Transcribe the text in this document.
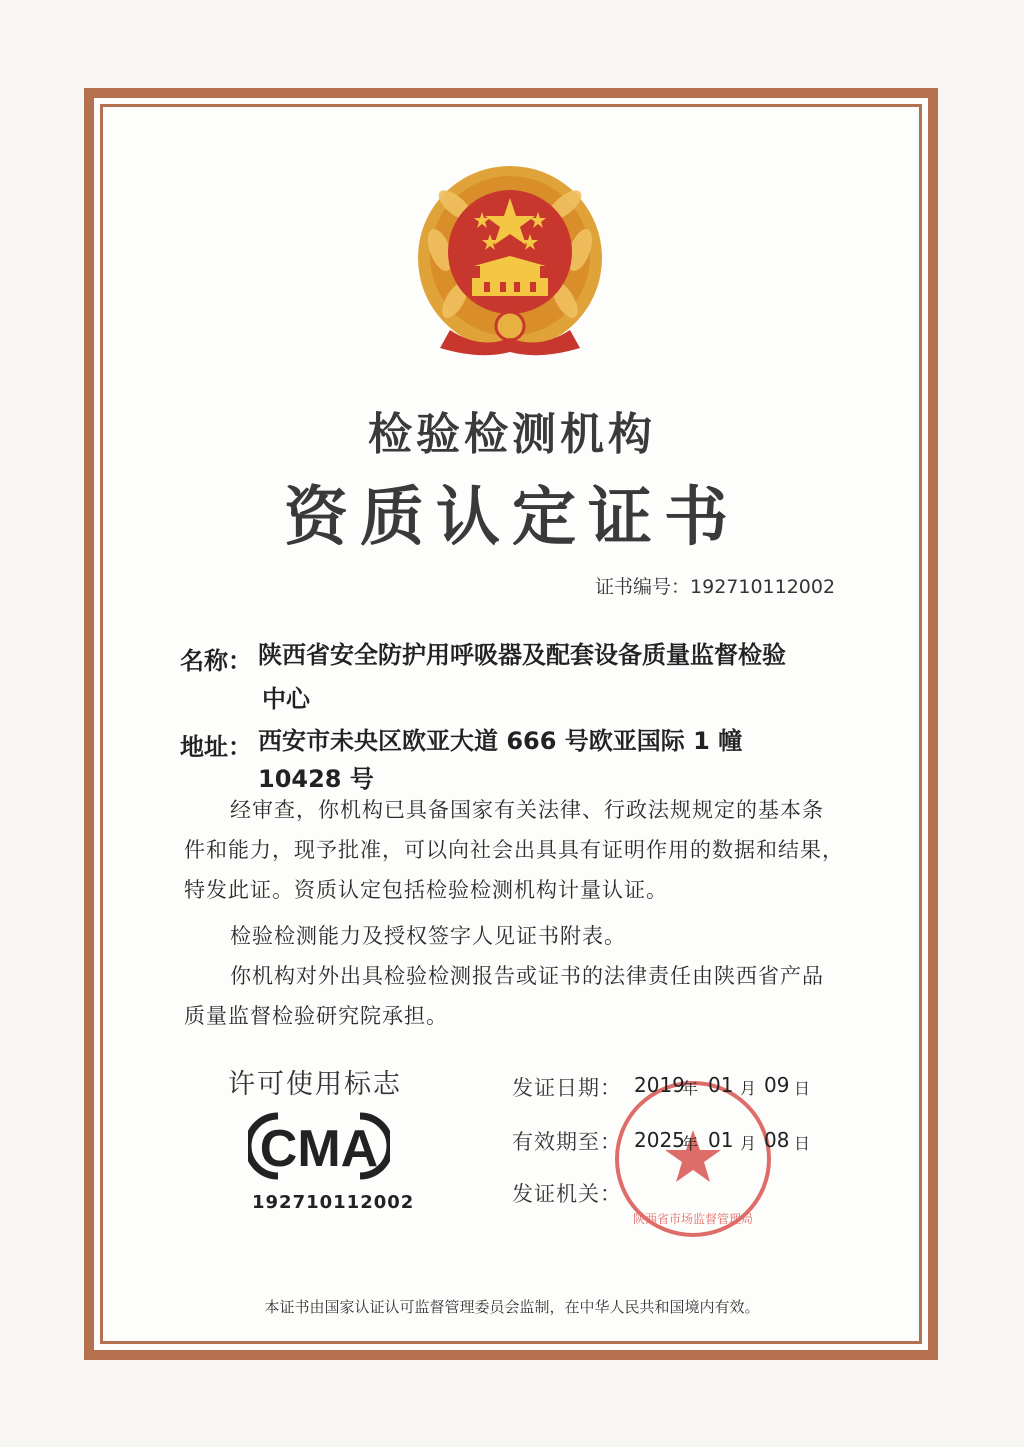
检验检测机构
资质认定证书
证书编号：192710112002
名称： 陕西省安全防护用呼吸器及配套设备质量监督检验
中心
地址： 西安市未央区欧亚大道 666 号欧亚国际 1 幢
10428 号
经审查，你机构已具备国家有关法律、行政法规规定的基本条件和能力，现予批准，可以向社会出具具有证明作用的数据和结果，特发此证。资质认定包括检验检测机构计量认证。
检验检测能力及授权签字人见证书附表。
你机构对外出具检验检测报告或证书的法律责任由陕西省产品质量监督检验研究院承担。
许可使用标志
CMA
192710112002
陕西省市场监督管理局
发证日期： 2019
年 01 月 09 日
有效期至： 2025
年 01 月 08 日
发证机关：
本证书由国家认证认可监督管理委员会监制，在中华人民共和国境内有效。
